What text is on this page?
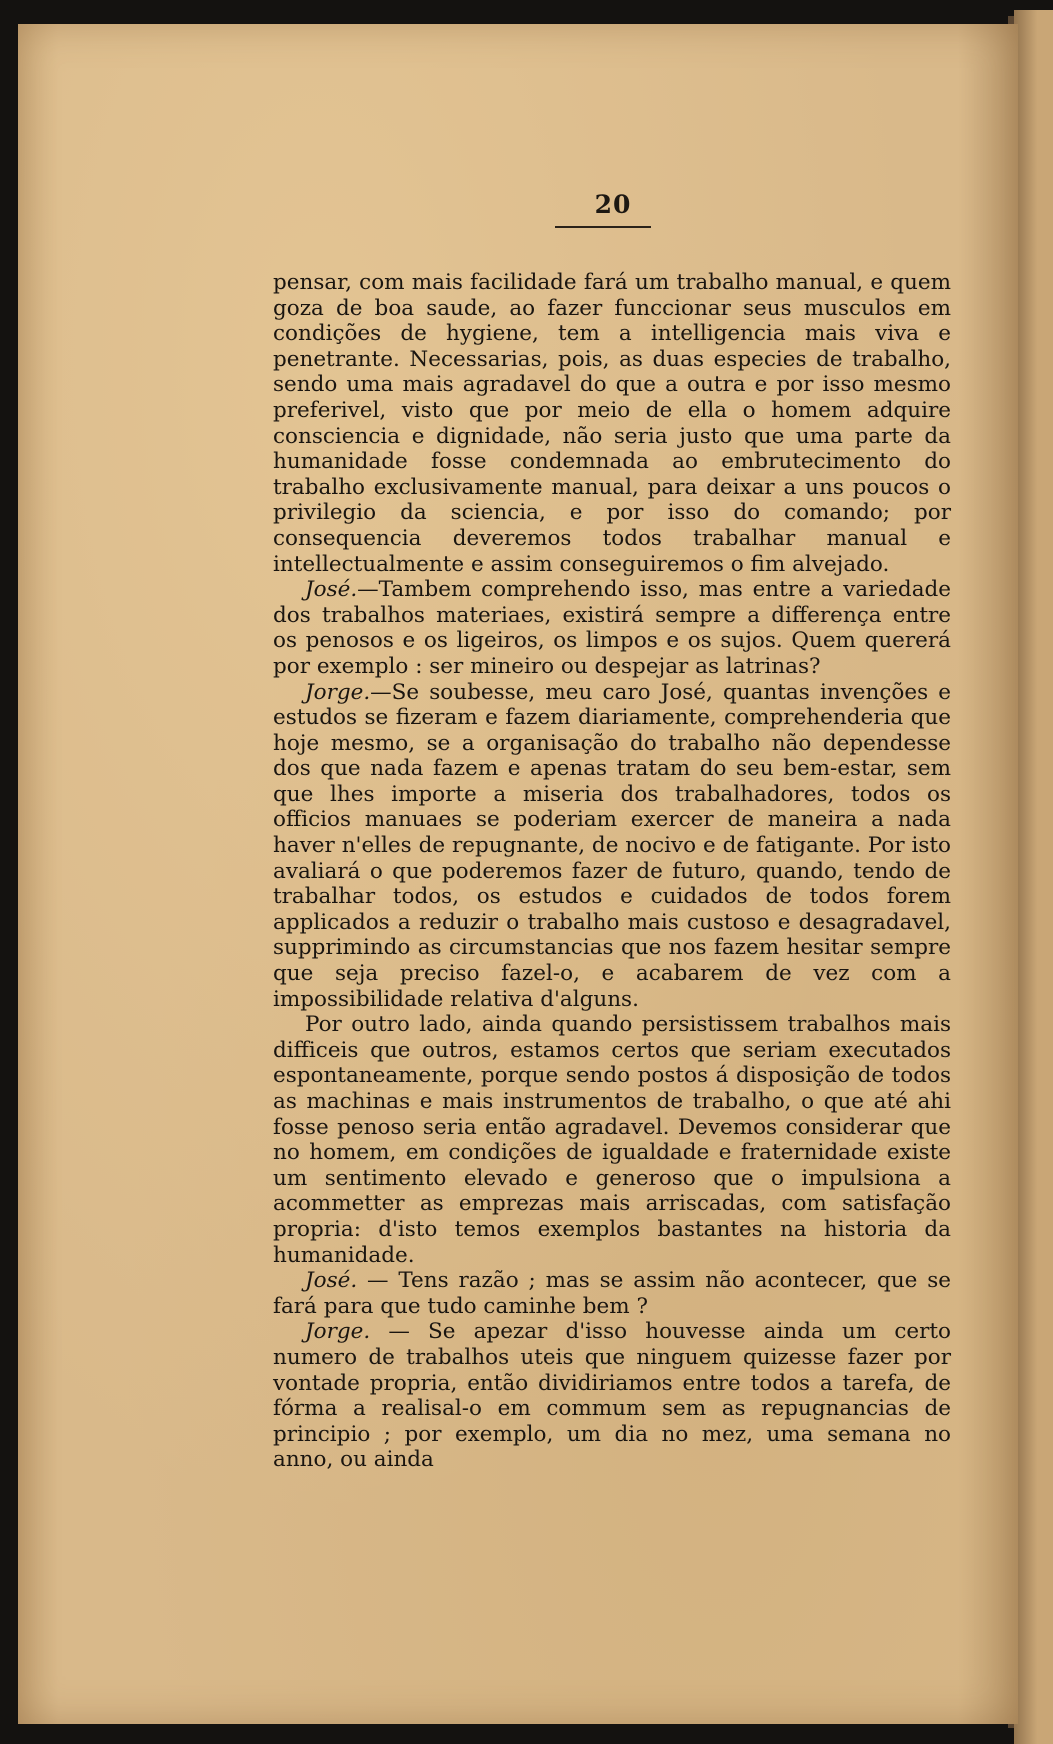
20

pensar, com mais facilidade fará um trabalho manual, e quem goza de boa saude, ao fazer funccionar seus musculos em condições de hygiene, tem a intelligencia mais viva e penetrante. Necessarias, pois, as duas especies de trabalho, sendo uma mais agradavel do que a outra e por isso mesmo preferivel, visto que por meio de ella o homem adquire consciencia e dignidade, não seria justo que uma parte da humanidade fosse condemnada ao embrutecimento do trabalho exclusivamente manual, para deixar a uns poucos o privilegio da sciencia, e por isso do comando; por consequencia deveremos todos trabalhar manual e intellectualmente e assim conseguiremos o fim alvejado.

José.—Tambem comprehendo isso, mas entre a variedade dos trabalhos materiaes, existirá sempre a differença entre os penosos e os ligeiros, os limpos e os sujos. Quem quererá por exemplo : ser mineiro ou despejar as latrinas?

Jorge.—Se soubesse, meu caro José, quantas invenções e estudos se fizeram e fazem diariamente, comprehenderia que hoje mesmo, se a organisação do trabalho não dependesse dos que nada fazem e apenas tratam do seu bem-estar, sem que lhes importe a miseria dos trabalhadores, todos os officios manuaes se poderiam exercer de maneira a nada haver n'elles de repugnante, de nocivo e de fatigante. Por isto avaliará o que poderemos fazer de futuro, quando, tendo de trabalhar todos, os estudos e cuidados de todos forem applicados a reduzir o trabalho mais custoso e desagradavel, supprimindo as circumstancias que nos fazem hesitar sempre que seja preciso fazel-o, e acabarem de vez com a impossibilidade relativa d'alguns.

Por outro lado, ainda quando persistissem trabalhos mais difficeis que outros, estamos certos que seriam executados espontaneamente, porque sendo postos á disposição de todos as machinas e mais instrumentos de trabalho, o que até ahi fosse penoso seria então agradavel. Devemos considerar que no homem, em condições de igualdade e fraternidade existe um sentimento elevado e generoso que o impulsiona a acommetter as emprezas mais arriscadas, com satisfação propria: d'isto temos exemplos bastantes na historia da humanidade.

José. — Tens razão ; mas se assim não acontecer, que se fará para que tudo caminhe bem ?

Jorge. — Se apezar d'isso houvesse ainda um certo numero de trabalhos uteis que ninguem quizesse fazer por vontade propria, então dividiriamos entre todos a tarefa, de fórma a realisal-o em commum sem as repugnancias de principio ; por exemplo, um dia no mez, uma semana no anno, ou ainda
